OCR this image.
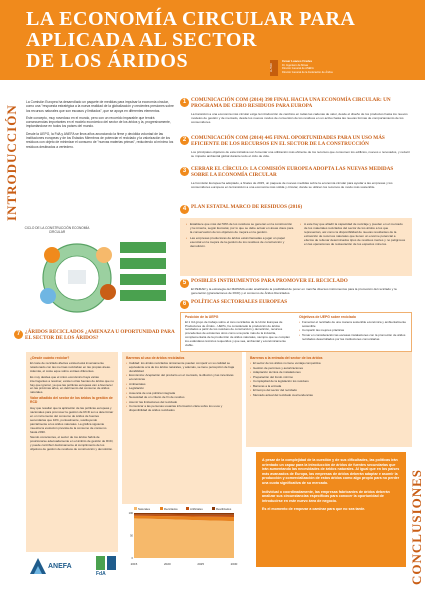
LA ECONOMÍA CIRCULAR PARA
APLICADA AL SECTOR
DE LOS ÁRIDOS	AUTOR
César Luaces Frades
Dr. Ingeniero de Minas
Director General de ANEFA
Director General de la Federación de Áridos
INTRODUCCIÓN

La Comisión Europea ha desarrollado un paquete de medidas para impulsar la economía circular, como una "respuesta estratégica a la nueva realidad de la globalización y crecientes presiones sobre los recursos naturales que son escasos y limitados", que se apoya en diferentes elementos.

Este concepto, muy novedoso en el mundo, pero con un recorrido imparable que tendrá consecuencias importantes en el modelo económico del sector de los áridos y la, progresivamente, implantándose en todos los países del mundo.

Desde la UEPG, la FdA y ANEFA se lleva años anunciando la firme y decidida voluntad de las instituciones europeas y de los Estados Miembros de potenciar el reciclado y la valorización de los residuos con objeto de minimizar el consumo de "nuevas materias primas", reduciendo al mínimo los residuos destinados a vertedero.

CICLO DE LA CONSTRUCCIÓN ECONOMÍA CIRCULAR
1 COMUNICACIÓN COM (2014) 398 FINAL HACIA UNA ECONOMÍA CIRCULAR: UN PROGRAMA DE CERO RESIDUOS PARA EUROPA
La transición a una economía más circular exige la introducción de cambios en todas las cadenas de valor, desde el diseño de los productos hasta los nuevos modelos de gestión y de mercado, desde los nuevos modos de conversión de los residuos en un activo hasta las nuevas formas de comportamiento de los consumidores.
2 COMUNICACIÓN COM (2014) 445 FINAL OPORTUNIDADES PARA UN USO MÁS EFICIENTE DE LOS RECURSOS EN EL SECTOR DE LA CONSTRUCCIÓN
Los principales objetivos de esta iniciativa son fomentar una utilización más eficiente de los recursos que consumen los edificios, nuevos o renovados, y reducir su impacto ambiental global durante todo el ciclo de vida.
3 CERRAR EL CÍRCULO: LA COMISIÓN EUROPEA ADOPTA LAS NUEVAS MEDIDAS SOBRE LA ECONOMÍA CIRCULAR
La Comisión Europea ha adoptado, a finales de 2015, un paquete de nuevas medidas sobre la economía circular para ayudar a las empresas y los consumidores europeos en la transición a una economía más sólida y circular, donde se utilicen los recursos de modo más sostenible.
4 PLAN ESTATAL MARCO DE RESIDUOS (2016)
• Establece que más del 50% de los residuos se generan en la construcción y la minería, según Eurostat, por lo que se debe actuar en áreas clave para la conservación de los objetivos de mejora en la gestión.
• Las empresas productoras de áridos están llamadas a jugar un papel esencial en la mejora de la gestión de los residuos de construcción y demolición.
• A este hay que añadir la capacidad de reciclaje y pueden en el mercado de los materiales reciclados del sector de los áridos a los que representan, así como la disponibilidad de nuevas resultantes de la extracción de recursos naturales que tienen un enorme potencial a efectos de rellenar determinados tipos de residuos inertes y no peligrosos en las operaciones de restauración de los espacios mineros.
5 POSIBLES INSTRUMENTOS PARA PROMOVER EL RECICLADO
El PEMAR y la estrategia del MAPAMA están analizando la posibilidad de poner en marcha diversos instrumentos para la promoción del reciclado y la generación (granulaciones de RCD) y el consumo de Áridos Reciclados.
6 POLÍTICAS SECTORIALES EUROPEAS
Posición de la UEPG
El 1 Ud grupo de trabajo sobre el tono reciclados de la Unión Europea de Productores de Áridos - UEPG, ha considerado la producción de áridos reciclados a partir de los residuos de construcción y demolición, recursos procedentes de existentes otros como una parte más de la industria, complementaria de la producción de áridos naturales, siempre que se cumplan los estándares técnicos requeridos y que sea, ambiental y económicamente viable.
Objetivos de UEPG sobre reciclado
• Fomentar el reciclado de una manera sostenible económica y ambientalmente sostenible
• Compartir las mejores prácticas
• Tomar en consideración las escasas instalaciones con la promoción de áridos reciclados desarrollados por las instituciones comunitarias
7 ¿ÁRIDOS RECICLADOS ¿AMENAZA U OPORTUNIDAD PARA EL SECTOR DE LOS ÁRIDOS?
¿Desde cuánto reciclar?

El coste de reciclado áfectes existed está inversamente relacionado con las mermas reciclaban en las propias áreas. Además, el coste eque sobre extraes diferentes.

Es muy desilea que el único económico haya varias interrogantes a resolver, existen otras fuentes de áridos que no hay que ignorar, ya que las políticas europeas van a favorecer en las próximas años, en detrimento del consumo de áridos naturales.

Valor añadido del sector de los áridos la gestión de RCD

Hay que resaltar que la aplicación de las políticas europeas y nacionales para promover la gestión de RCD son a determinar en un incremento del consumo de áridos de fuentes secundarias que 10%, puntualmente, sustituyendo parcialmente a los áridos naturales. La gráfica siguiente muestra la evolución prevista de la consumo de consumo hasta 2030.

Siendo conscientes, el sector de los áridos habrá de posicionarse adecuadamente en el ámbito de gestión de RCD, y puede contribuir decisivamente al cumplimiento de los objetivos de gestión de residuos de construcción y demolición.

Barreras al uso de áridos reciclados
• Calidad: los áridos reciclados únicamente pueden competir en su calidad se equivalente a la de los áridos naturales, y además, se tiene percepción de baja durabilidad
• Económica: Aceptación del producto en el mercado, la dilución y las incentivas económicas
• Ambientales
• Legislación
• Ausencia de una política integrada
• Necesidad de un criterio de fin de residuo
• Asumir las limitaciones del reciclado
• Comunicar a las personas usuarias información clara sobre los usos y disponibilidad de áridos reciclados
Barreras a la entrada del sector de los áridos
• El sector de los áridos no tiene ventaja competitiva
• Gestión de permisos y autorizaciones
• Adaptación técnica de instalaciones
• Preparación del fondo mínimo
• Complejidad de la legislación los residuos
• Barreras a la entrada
• El tiempo del sector del reciclado
• Mercado actual del reciclado cual tendencias
Naturales	Reciclados	Artificiales	Reutilizados
2015	2020	2025	2030
0
50
100

A pesar de la complejidad de la cuestión y de sus dificultades, las políticas irán orientado un capaz para la introducción de áridos de fuentes secundarias que irán aumentando las necesidades de áridos naturales. Al igual que en los países más avanzados de Europa, las empresas de áridos deberán adaptar e asumir la producción y comercialización de estos áridos como algo propio para no perder una cuota significativa de su mercado.

Individual o coordinadamente, las empresas fabricantes de áridos deberán analizar sus circunstancias específicas para conocer la oportunidad de introducirse en este nuevo área de negocio.

Es el momento de empezar a caminar para que no sea tarde.	CONCLUSIONES
ANEFA
FdA
